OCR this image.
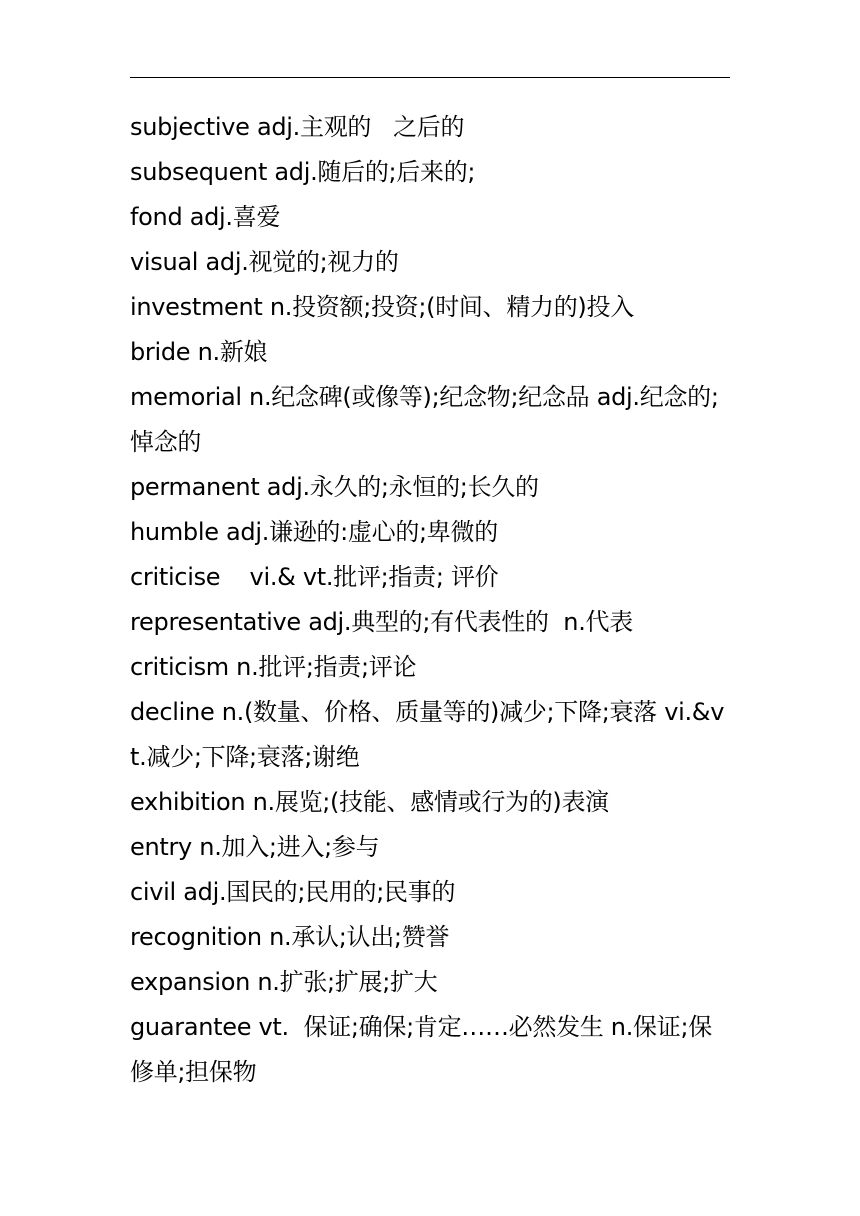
subjective adj.主观的   之后的
subsequent adj.随后的;后来的;
fond adj.喜爱
visual adj.视觉的;视力的
investment n.投资额;投资;(时间、精力的)投入
bride n.新娘
memorial n.纪念碑(或像等);纪念物;纪念品 adj.纪念的;悼念的
permanent adj.永久的;永恒的;长久的
humble adj.谦逊的:虚心的;卑微的
criticise    vi.& vt.批评;指责; 评价
representative adj.典型的;有代表性的  n.代表
criticism n.批评;指责;评论
decline n.(数量、价格、质量等的)减少;下降;衰落 vi.&vt.减少;下降;衰落;谢绝
exhibition n.展览;(技能、感情或行为的)表演
entry n.加入;进入;参与
civil adj.国民的;民用的;民事的
recognition n.承认;认出;赞誉
expansion n.扩张;扩展;扩大
guarantee vt.  保证;确保;肯定……必然发生 n.保证;保修单;担保物
